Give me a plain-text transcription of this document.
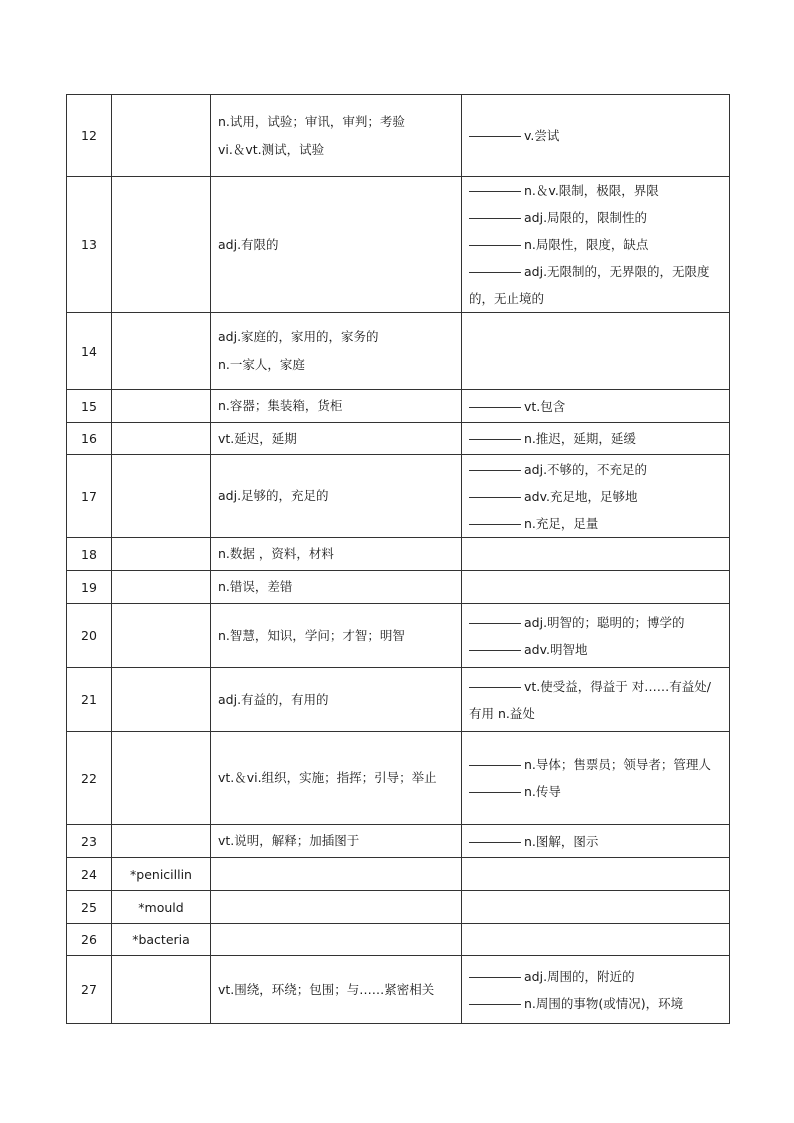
12		n.试用，试验；审讯，审判；考验
vi.＆vt.测试，试验	v.尝试

13		adj.有限的	n.＆v.限制，极限，界限
adj.局限的，限制性的
n.局限性，限度，缺点
adj.无限制的，无界限的，无限度的，无止境的

14		adj.家庭的，家用的，家务的
n.一家人，家庭	

15		n.容器；集装箱，货柜	vt.包含

16		vt.延迟，延期	n.推迟，延期，延缓

17		adj.足够的，充足的	adj.不够的，不充足的
adv.充足地，足够地
n.充足，足量

18		n.数据 ，资料，材料	

19		n.错误，差错	

20		n.智慧，知识，学问；才智；明智	adj.明智的；聪明的；博学的
adv.明智地

21		adj.有益的，有用的	vt.使受益，得益于 对……有益处/有用 n.益处

22		vt.＆vi.组织，实施；指挥；引导；举止	n.导体；售票员；领导者；管理人
n.传导

23		vt.说明，解释；加插图于	n.图解，图示

24	*penicillin		
25	*mould		
26	*bacteria		
27		vt.围绕，环绕；包围；与……紧密相关	adj.周围的，附近的
n.周围的事物(或情况)，环境
